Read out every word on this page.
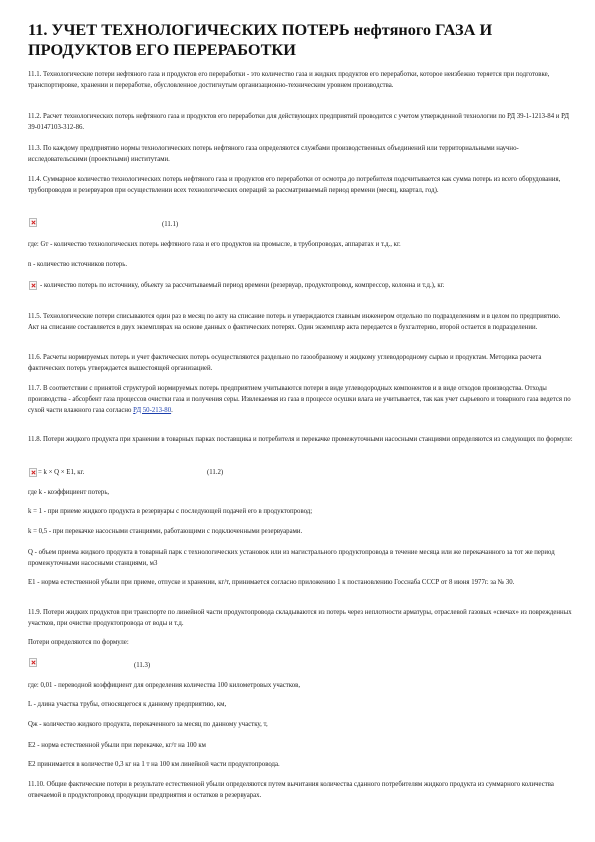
11. УЧЕТ ТЕХНОЛОГИЧЕСКИХ ПОТЕРЬ нефтяного ГАЗА И ПРОДУКТОВ ЕГО ПЕРЕРАБОТКИ

11.1. Технологические потери нефтяного газа и продуктов его переработки - это количество газа и жидких продуктов его переработки, которое неизбежно теряется при подготовке, транспортировке, хранении и переработке, обусловленное достигнутым организационно-техническим уровнем производства.

11.2. Расчет технологических потерь нефтяного газа и продуктов его переработки для действующих предприятий проводится с учетом утвержденной технологии по РД 39-1-1213-84 и РД 39-0147103-312-86.

11.3. По каждому предприятию нормы технологических потерь нефтяного газа определяются службами производственных объединений или территориальными научно-исследовательскими (проектными) институтами.

11.4. Суммарное количество технологических потерь нефтяного газа и продуктов его переработки от осмотра до потребителя подсчитывается как сумма потерь из всего оборудования, трубопроводов и резервуаров при осуществлении всех технологических операций за рассматриваемый период времени (месяц, квартал, год).

(11.1)

где: Gт - количество технологических потерь нефтяного газа и его продуктов на промысле, в трубопроводах, аппаратах и т.д., кг.

n - количество источников потерь.

- количество потерь по источнику, объекту за рассчитываемый период времени (резервуар, продуктопровод, компрессор, колонна и т.д.), кг.

11.5. Технологические потери списываются один раз в месяц по акту на списание потерь и утверждаются главным инженером отдельно по подразделениям и в целом по предприятию. Акт на списание составляется в двух экземплярах на основе данных о фактических потерях. Один экземпляр акта передается в бухгалтерию, второй остается в подразделении.

11.6. Расчеты нормируемых потерь и учет фактических потерь осуществляются раздельно по газообразному и жидкому углеводородному сырью и продуктам. Методика расчета фактических потерь утверждается вышестоящей организацией.

11.7. В соответствии с принятой структурой нормируемых потерь предприятием учитываются потери в виде углеводородных компонентов и в виде отходов производства. Отходы производства - абсорбент газа процессов очистки газа и получения серы. Извлекаемая из газа в процессе осушки влага не учитывается, так как учет сырьевого и товарного газа ведется по сухой части влажного газа согласно РД 50-213-80.

11.8. Потери жидкого продукта при хранении в товарных парках поставщика и потребителя и перекачке промежуточными насосными станциями определяются из следующих по формуле:

= k × Q × E1, кг.	(11.2)

где k - коэффициент потерь,

k = 1 - при приеме жидкого продукта в резервуары с последующей подачей его в продуктопровод;

k = 0,5 - при перекачке насосными станциями, работающими с подключенными резервуарами.

Q - объем приема жидкого продукта в товарный парк с технологических установок или из магистрального продуктопровода в течение месяца или же перекачанного за тот же период промежуточными насосными станциями, м3

E1 - норма естественной убыли при приеме, отпуске и хранении, кг/т, принимается согласно приложению 1 к постановлению Госснаба СССР от 8 июня 1977г. за № 30.

11.9. Потери жидких продуктов при транспорте по линейной части продуктопровода складываются из потерь через неплотности арматуры, отраслевой газовых «свечах» из поврежденных участков, при очистке продуктопровода от воды и т.д.

Потери определяются по формуле:

(11.3)

где: 0,01 - переводной коэффициент для определения количества 100 километровых участков,

L - длина участка трубы, относящегося к данному предприятию, км,

Qж - количество жидкого продукта, перекаченного за месяц по данному участку, т,

E2 - норма естественной убыли при перекачке, кг/т на 100 км

E2 принимается в количестве 0,3 кг на 1 т на 100 км линейной части продуктопровода.

11.10. Общие фактические потери в результате естественной убыли определяются путем вычитания количества сданного потребителям жидкого продукта из суммарного количества отвечаемой в продуктопровод продукции предприятия и остатков в резервуарах.
